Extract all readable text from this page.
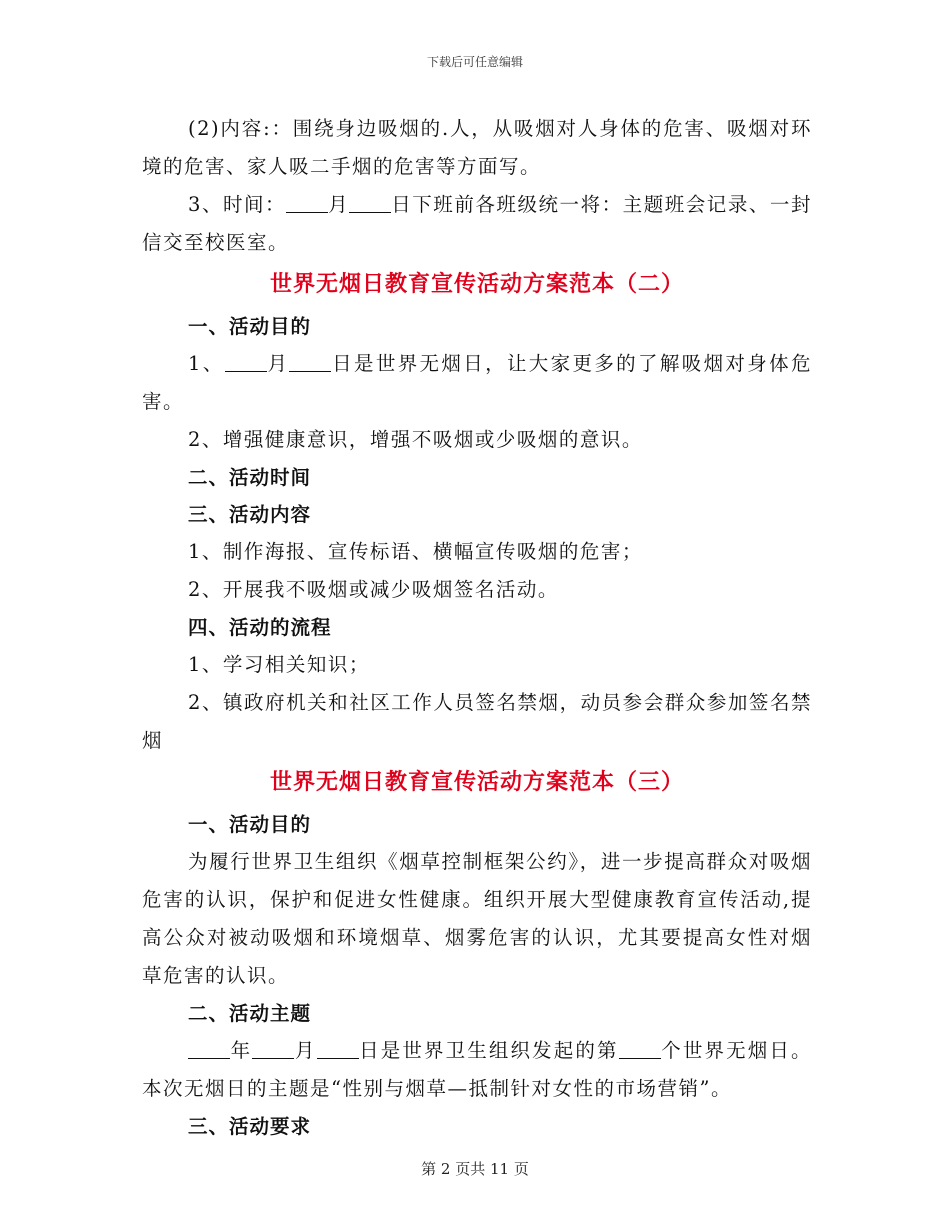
下载后可任意编辑

(2)内容:：围绕身边吸烟的.人，从吸烟对人身体的危害、吸烟对环境的危害、家人吸二手烟的危害等方面写。

3、时间： 月 日下班前各班级统一将：主题班会记录、一封信交至校医室。

世界无烟日教育宣传活动方案范本（二）

一、活动目的

1、 月 日是世界无烟日，让大家更多的了解吸烟对身体危害。

2、增强健康意识，增强不吸烟或少吸烟的意识。

二、活动时间

三、活动内容

1、制作海报、宣传标语、横幅宣传吸烟的危害；

2、开展我不吸烟或减少吸烟签名活动。

四、活动的流程

1、学习相关知识；

2、镇政府机关和社区工作人员签名禁烟，动员参会群众参加签名禁烟

世界无烟日教育宣传活动方案范本（三）

一、活动目的

为履行世界卫生组织《烟草控制框架公约》，进一步提高群众对吸烟危害的认识，保护和促进女性健康。组织开展大型健康教育宣传活动,提高公众对被动吸烟和环境烟草、烟雾危害的认识，尤其要提高女性对烟草危害的认识。

二、活动主题

年 月 日是世界卫生组织发起的第 个世界无烟日。本次无烟日的主题是“性别与烟草—抵制针对女性的市场营销”。

三、活动要求

第 2 页共 11 页
